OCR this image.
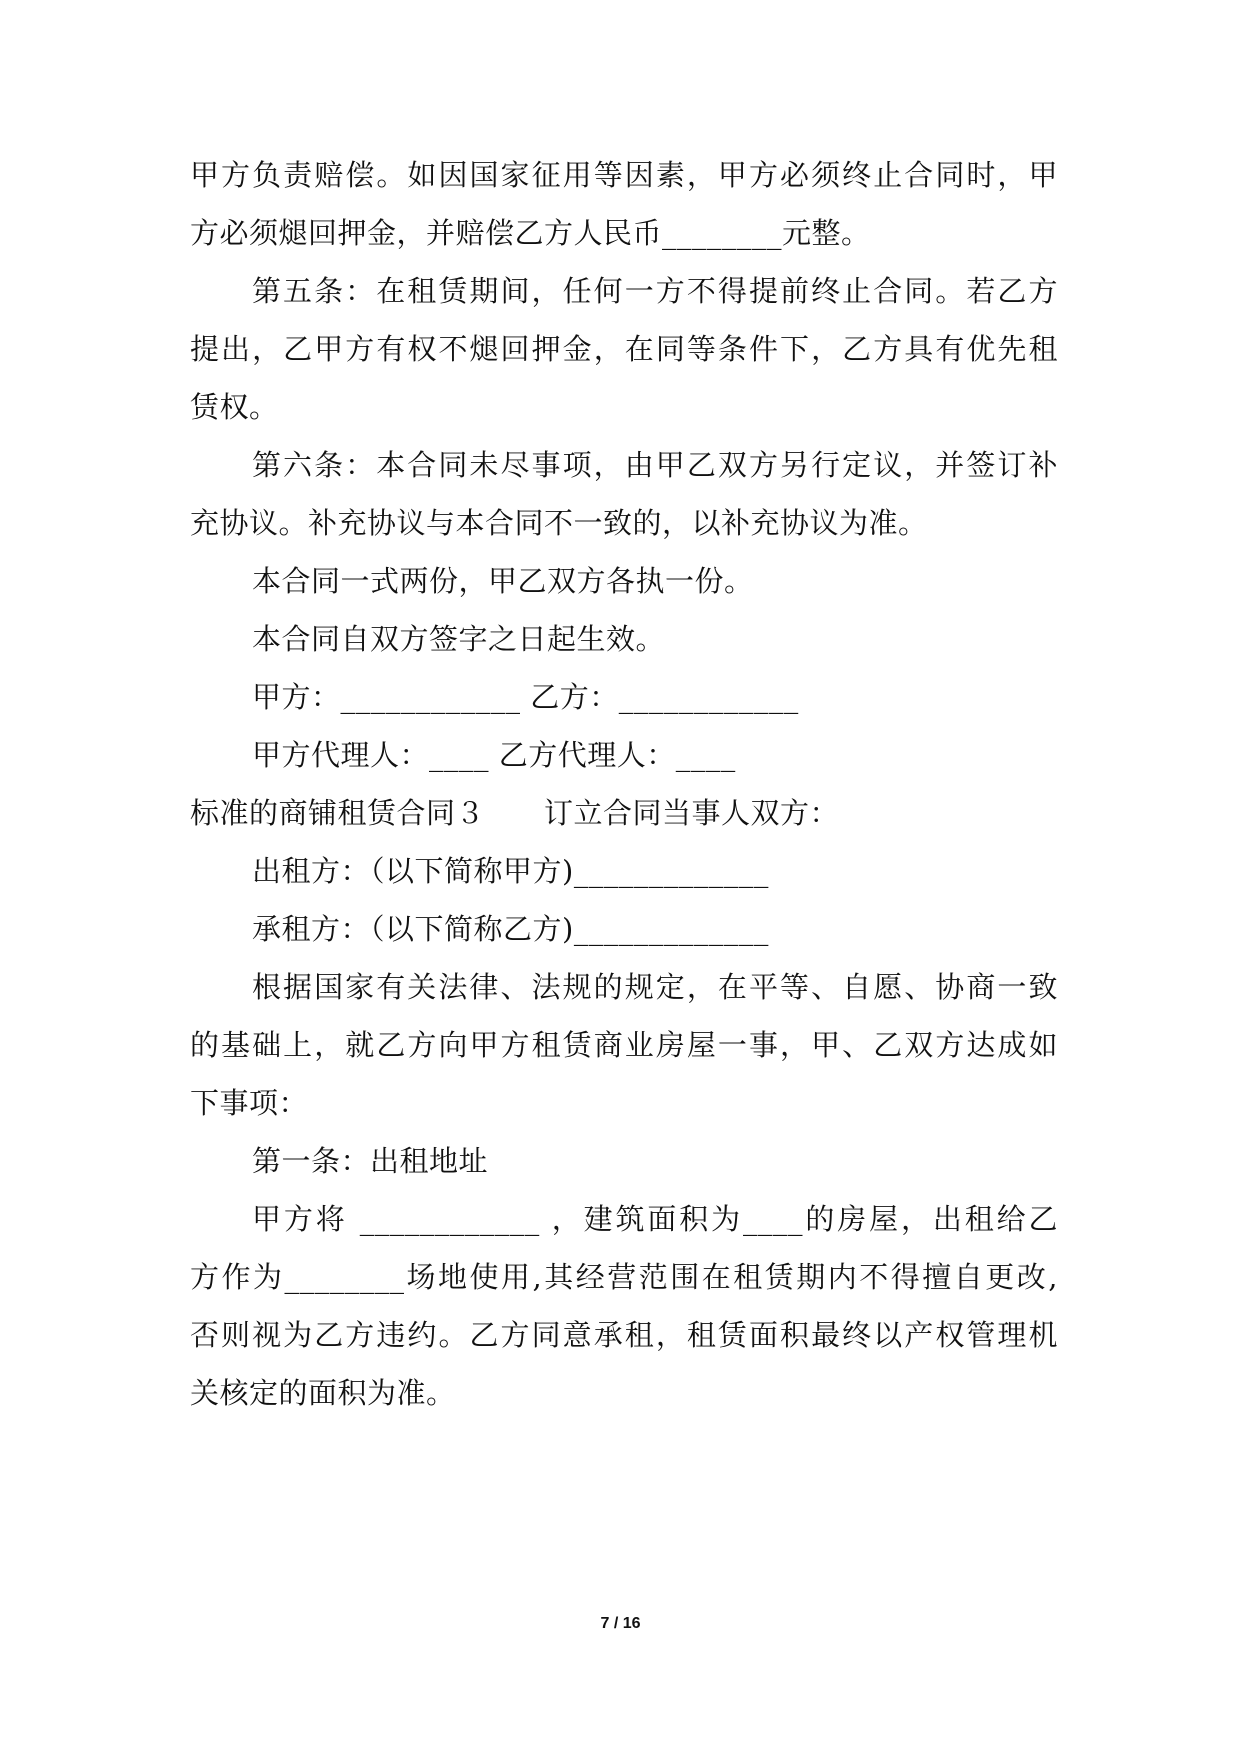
甲方负责赔偿。如因国家征用等因素，甲方必须终止合同时，甲
方必须煺回押金，并赔偿乙方人民币________元整。
第五条：在租赁期间，任何一方不得提前终止合同。若乙方
提出，乙甲方有权不煺回押金，在同等条件下，乙方具有优先租
赁权。
第六条：本合同未尽事项，由甲乙双方另行定议，并签订补
充协议。补充协议与本合同不一致的，以补充协议为准。
本合同一式两份，甲乙双方各执一份。
本合同自双方签字之日起生效。
甲方：____________ 乙方：____________
甲方代理人：____ 乙方代理人：____
标准的商铺租赁合同３　　订立合同当事人双方：
出租方：（以下简称甲方)_____________
承租方：（以下简称乙方)_____________
根据国家有关法律、法规的规定，在平等、自愿、协商一致
的基础上，就乙方向甲方租赁商业房屋一事，甲、乙双方达成如
下事项：
第一条：出租地址
甲方将 ____________ ，建筑面积为____的房屋，出租给乙
方作为________场地使用,其经营范围在租赁期内不得擅自更改,
否则视为乙方违约。乙方同意承租，租赁面积最终以产权管理机
关核定的面积为准。
7 / 16
